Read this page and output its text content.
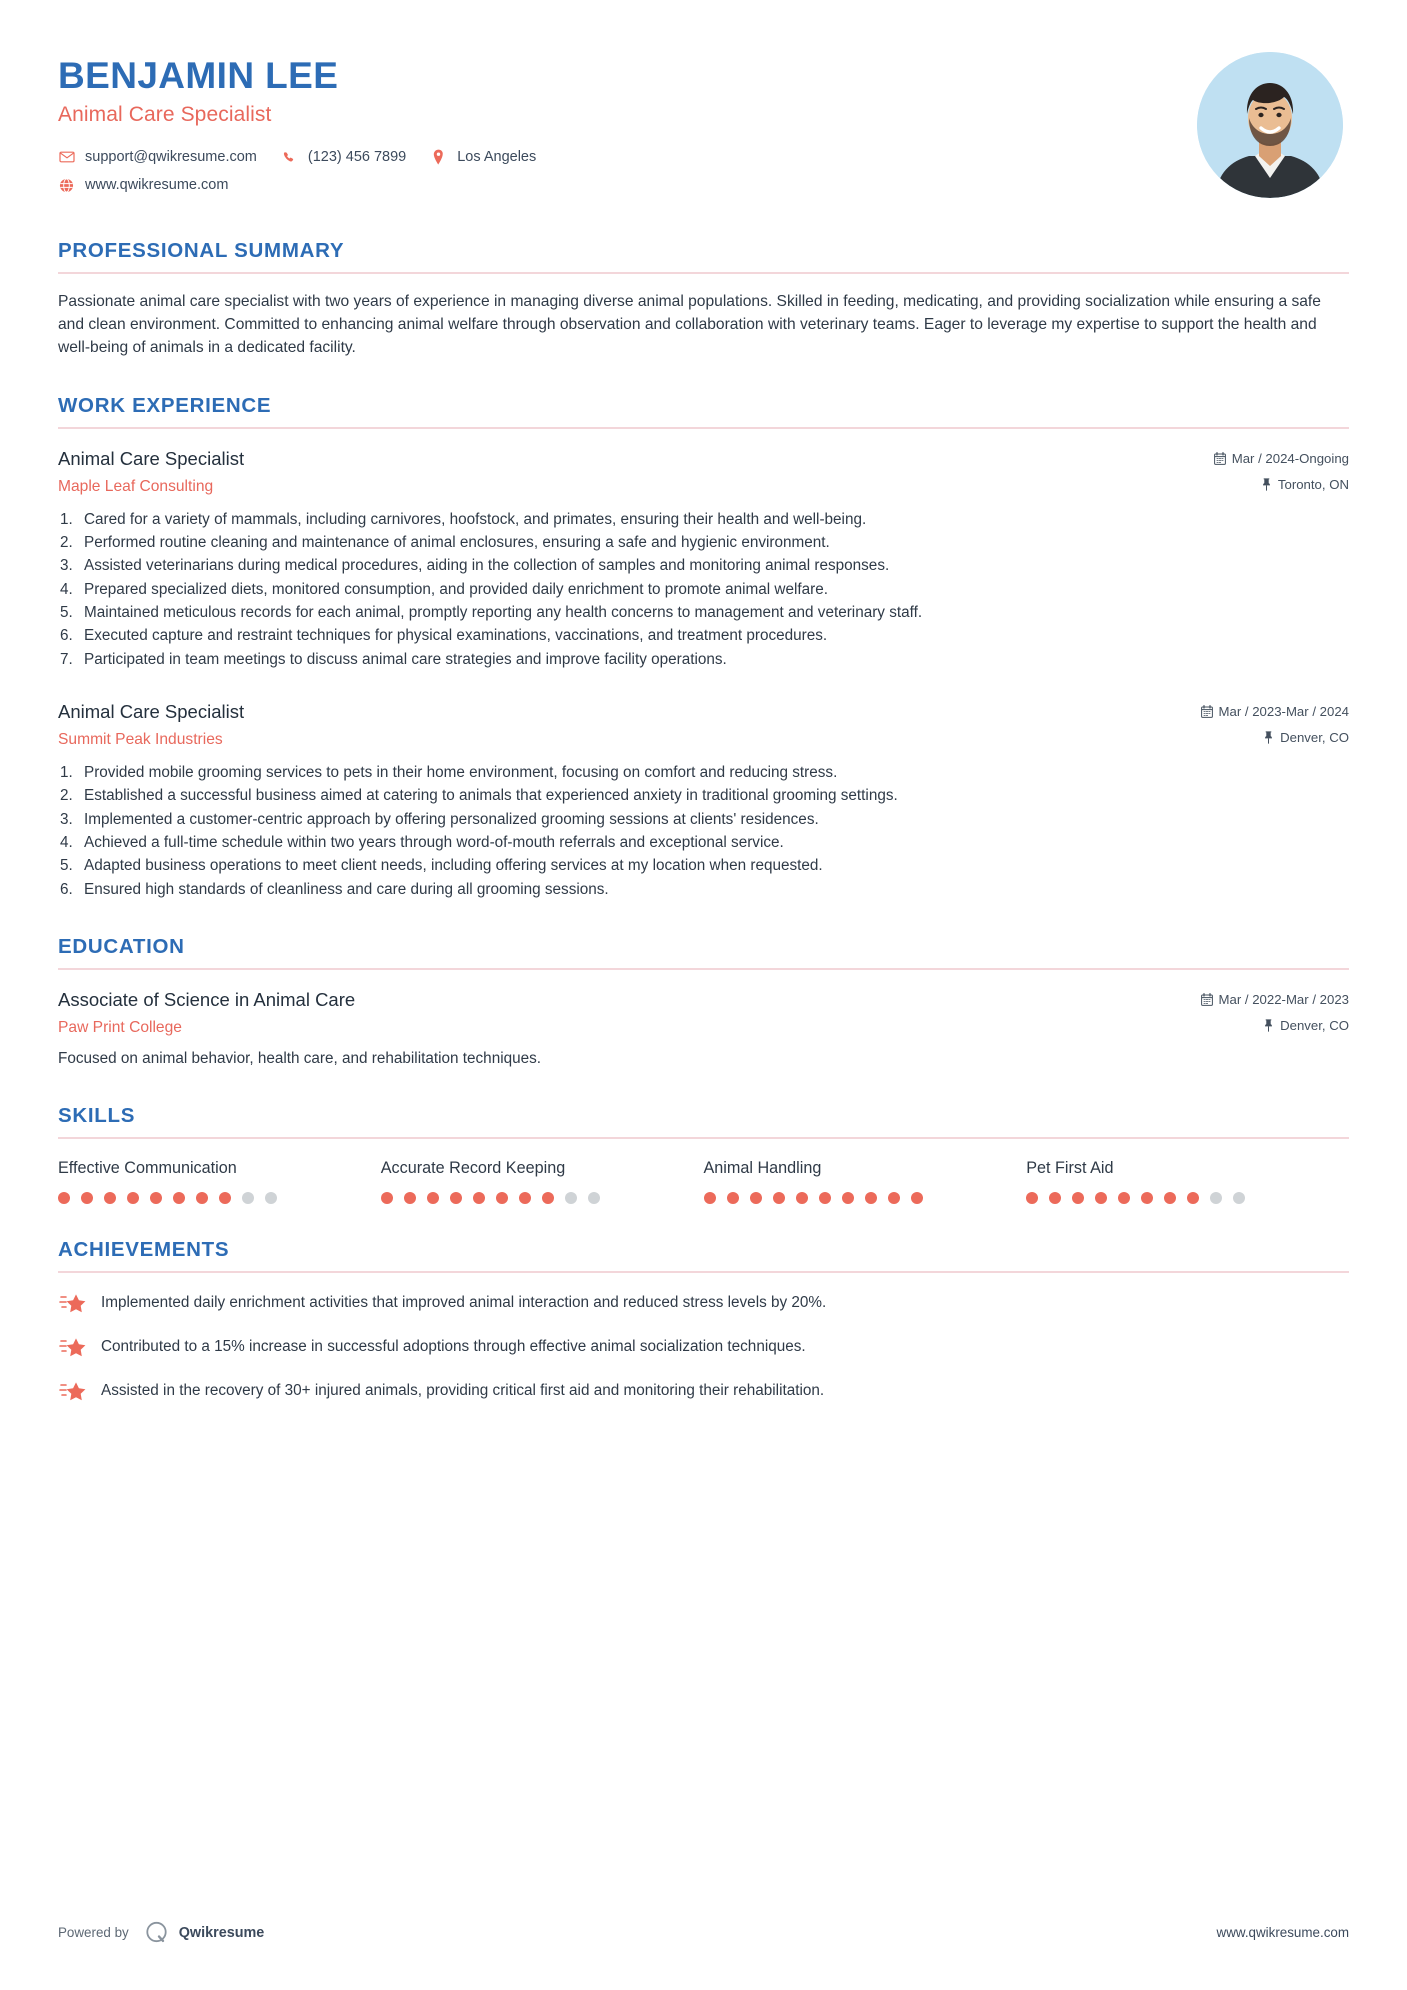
BENJAMIN LEE
Animal Care Specialist
support@qwikresume.com	(123) 456 7899	Los Angeles
www.qwikresume.com
PROFESSIONAL SUMMARY

Passionate animal care specialist with two years of experience in managing diverse animal populations. Skilled in feeding, medicating, and providing socialization while ensuring a safe and clean environment. Committed to enhancing animal welfare through observation and collaboration with veterinary teams. Eager to leverage my expertise to support the health and well-being of animals in a dedicated facility.

WORK EXPERIENCE
Animal Care Specialist	Mar / 2024-Ongoing
Maple Leaf Consulting	Toronto, ON
Cared for a variety of mammals, including carnivores, hoofstock, and primates, ensuring their health and well-being.
Performed routine cleaning and maintenance of animal enclosures, ensuring a safe and hygienic environment.
Assisted veterinarians during medical procedures, aiding in the collection of samples and monitoring animal responses.
Prepared specialized diets, monitored consumption, and provided daily enrichment to promote animal welfare.
Maintained meticulous records for each animal, promptly reporting any health concerns to management and veterinary staff.
Executed capture and restraint techniques for physical examinations, vaccinations, and treatment procedures.
Participated in team meetings to discuss animal care strategies and improve facility operations.
Animal Care Specialist	Mar / 2023-Mar / 2024
Summit Peak Industries	Denver, CO
Provided mobile grooming services to pets in their home environment, focusing on comfort and reducing stress.
Established a successful business aimed at catering to animals that experienced anxiety in traditional grooming settings.
Implemented a customer-centric approach by offering personalized grooming sessions at clients' residences.
Achieved a full-time schedule within two years through word-of-mouth referrals and exceptional service.
Adapted business operations to meet client needs, including offering services at my location when requested.
Ensured high standards of cleanliness and care during all grooming sessions.
EDUCATION
Associate of Science in Animal Care	Mar / 2022-Mar / 2023
Paw Print College	Denver, CO
Focused on animal behavior, health care, and rehabilitation techniques.
SKILLS
Effective Communication	Accurate Record Keeping	Animal Handling	Pet First Aid
ACHIEVEMENTS
Implemented daily enrichment activities that improved animal interaction and reduced stress levels by 20%.
Contributed to a 15% increase in successful adoptions through effective animal socialization techniques.
Assisted in the recovery of 30+ injured animals, providing critical first aid and monitoring their rehabilitation.
Powered by	Qwikresume	www.qwikresume.com
